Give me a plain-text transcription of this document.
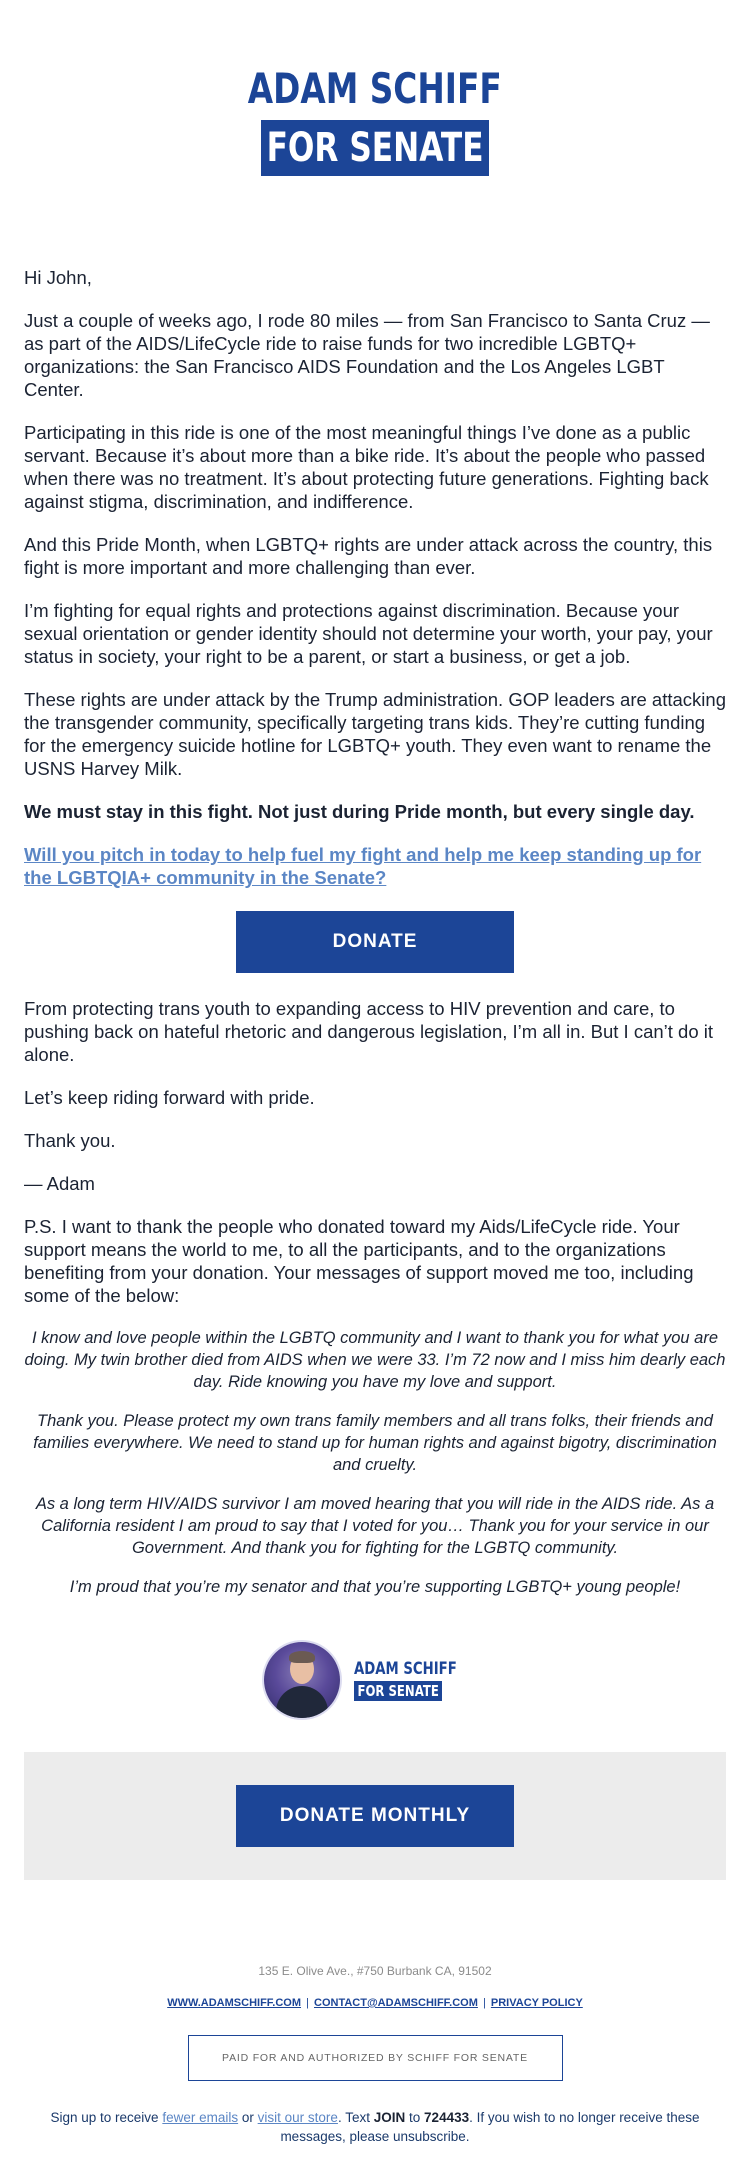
ADAM SCHIFF
FOR SENATE

Hi John,

Just a couple of weeks ago, I rode 80 miles — from San Francisco to Santa Cruz — as part of the AIDS/LifeCycle ride to raise funds for two incredible LGBTQ+ organizations: the San Francisco AIDS Foundation and the Los Angeles LGBT Center.

Participating in this ride is one of the most meaningful things I’ve done as a public servant. Because it’s about more than a bike ride. It’s about the people who passed when there was no treatment. It’s about protecting future generations. Fighting back against stigma, discrimination, and indifference.

And this Pride Month, when LGBTQ+ rights are under attack across the country, this fight is more important and more challenging than ever.

I’m fighting for equal rights and protections against discrimination. Because your sexual orientation or gender identity should not determine your worth, your pay, your status in society, your right to be a parent, or start a business, or get a job.

These rights are under attack by the Trump administration. GOP leaders are attacking the transgender community, specifically targeting trans kids. They’re cutting funding for the emergency suicide hotline for LGBTQ+ youth. They even want to rename the USNS Harvey Milk.

We must stay in this fight. Not just during Pride month, but every single day.

Will you pitch in today to help fuel my fight and help me keep standing up for the LGBTQIA+ community in the Senate?
DONATE

From protecting trans youth to expanding access to HIV prevention and care, to pushing back on hateful rhetoric and dangerous legislation, I’m all in. But I can’t do it alone.

Let’s keep riding forward with pride.

Thank you.

— Adam

P.S. I want to thank the people who donated toward my Aids/LifeCycle ride. Your support means the world to me, to all the participants, and to the organizations benefiting from your donation. Your messages of support moved me too, including some of the below:

I know and love people within the LGBTQ community and I want to thank you for what you are doing. My twin brother died from AIDS when we were 33. I’m 72 now and I miss him dearly each day. Ride knowing you have my love and support.

Thank you. Please protect my own trans family members and all trans folks, their friends and families everywhere. We need to stand up for human rights and against bigotry, discrimination and cruelty.

As a long term HIV/AIDS survivor I am moved hearing that you will ride in the AIDS ride. As a California resident I am proud to say that I voted for you… Thank you for your service in our Government. And thank you for fighting for the LGBTQ community.

I’m proud that you’re my senator and that you’re supporting LGBTQ+ young people!

ADAM SCHIFF
FOR SENATE
DONATE MONTHLY
135 E. Olive Ave., #750 Burbank CA, 91502
WWW.ADAMSCHIFF.COM | CONTACT@ADAMSCHIFF.COM | PRIVACY POLICY
PAID FOR AND AUTHORIZED BY SCHIFF FOR SENATE
Sign up to receive fewer emails or visit our store. Text JOIN to 724433. If you wish to no longer receive these messages, please unsubscribe.
